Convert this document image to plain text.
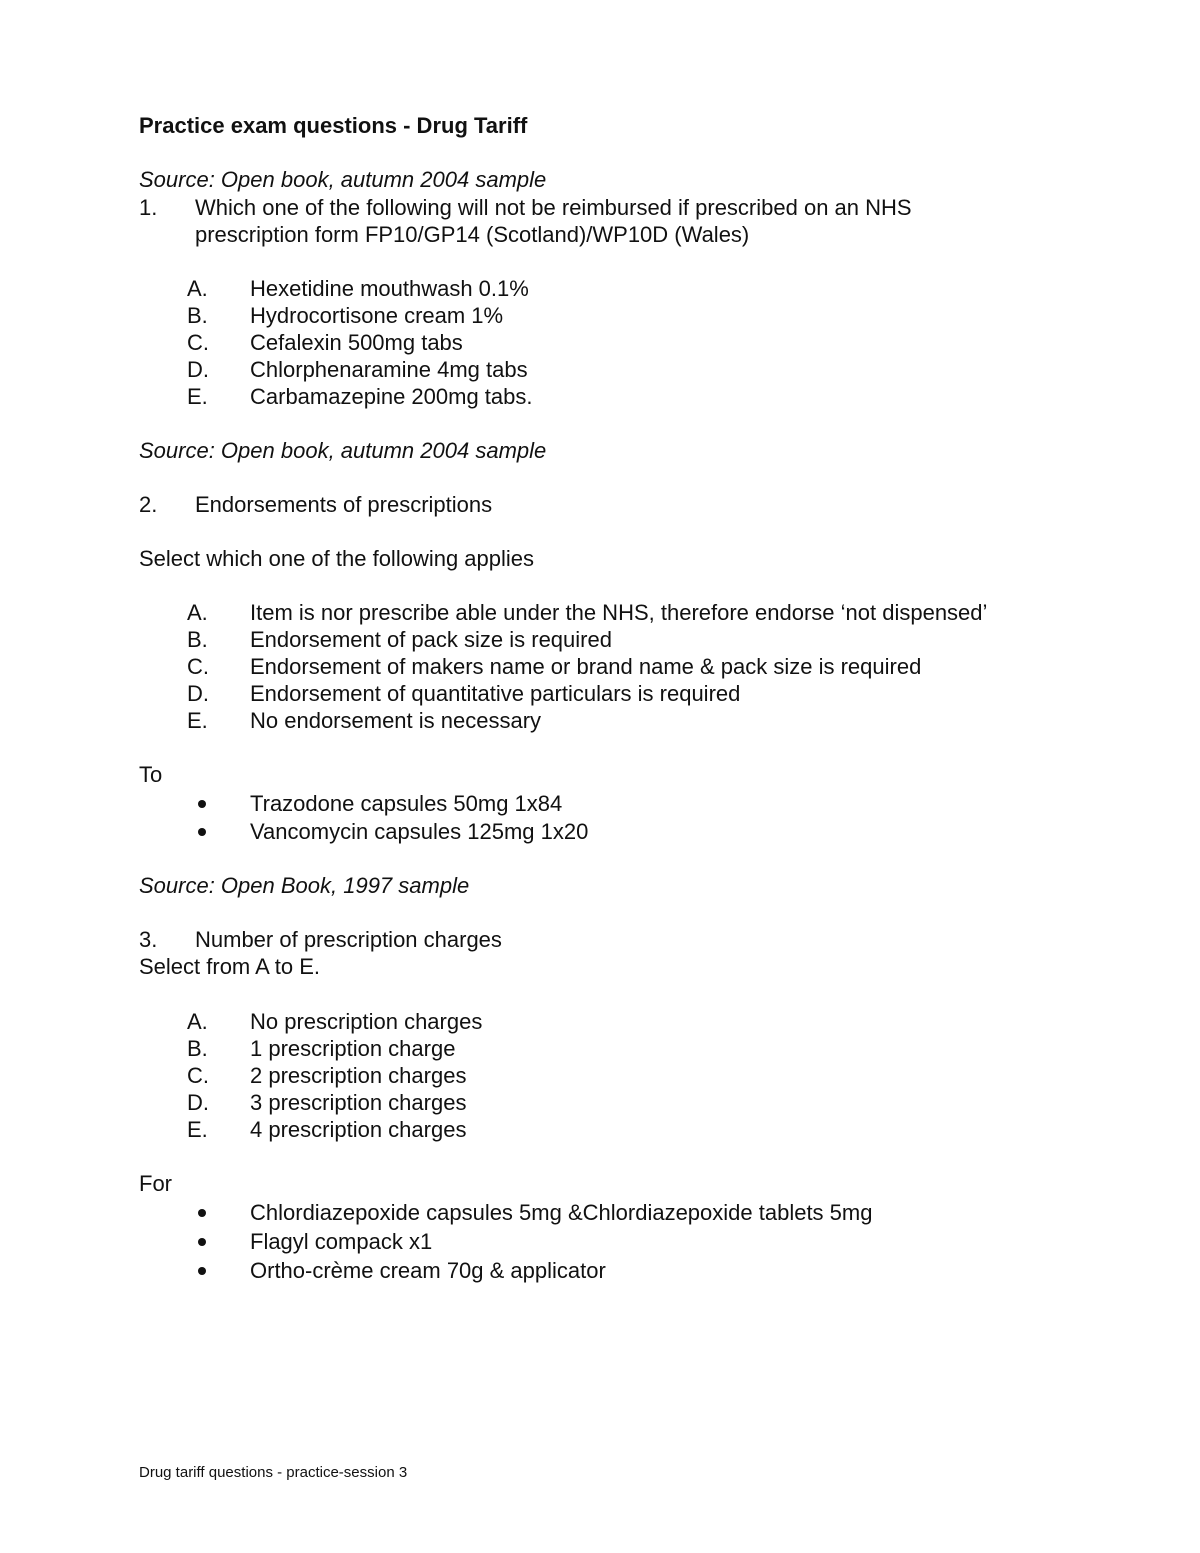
Practice exam questions - Drug Tariff
Source: Open book, autumn 2004 sample
1. Which one of the following will not be reimbursed if prescribed on an NHS
prescription form FP10/GP14 (Scotland)/WP10D (Wales)
A. Hexetidine mouthwash 0.1%
B. Hydrocortisone cream 1%
C. Cefalexin 500mg tabs
D. Chlorphenaramine 4mg tabs
E. Carbamazepine 200mg tabs.
Source: Open book, autumn 2004 sample
2. Endorsements of prescriptions
Select which one of the following applies
A. Item is nor prescribe able under the NHS, therefore endorse ‘not dispensed’
B. Endorsement of pack size is required
C. Endorsement of makers name or brand name & pack size is required
D. Endorsement of quantitative particulars is required
E. No endorsement is necessary
To
Trazodone capsules 50mg 1x84
Vancomycin capsules 125mg 1x20
Source: Open Book, 1997 sample
3. Number of prescription charges
Select from A to E.
A. No prescription charges
B. 1 prescription charge
C. 2 prescription charges
D. 3 prescription charges
E. 4 prescription charges
For
Chlordiazepoxide capsules 5mg &Chlordiazepoxide tablets 5mg
Flagyl compack x1
Ortho-crème cream 70g & applicator
Drug tariff questions - practice-session 3
